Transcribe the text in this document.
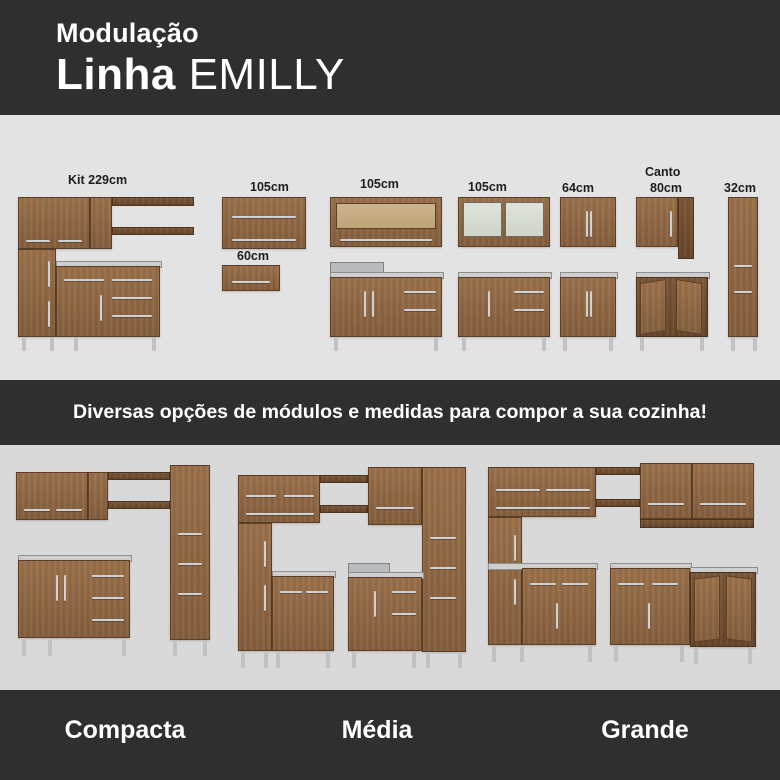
Modulação
Linha EMILLY
Kit 229cm	105cm
60cm
105cm	105cm	64cm
Canto
80cm	32cm
Diversas opções de módulos e medidas para compor a sua cozinha!
Compacta	Média	Grande
